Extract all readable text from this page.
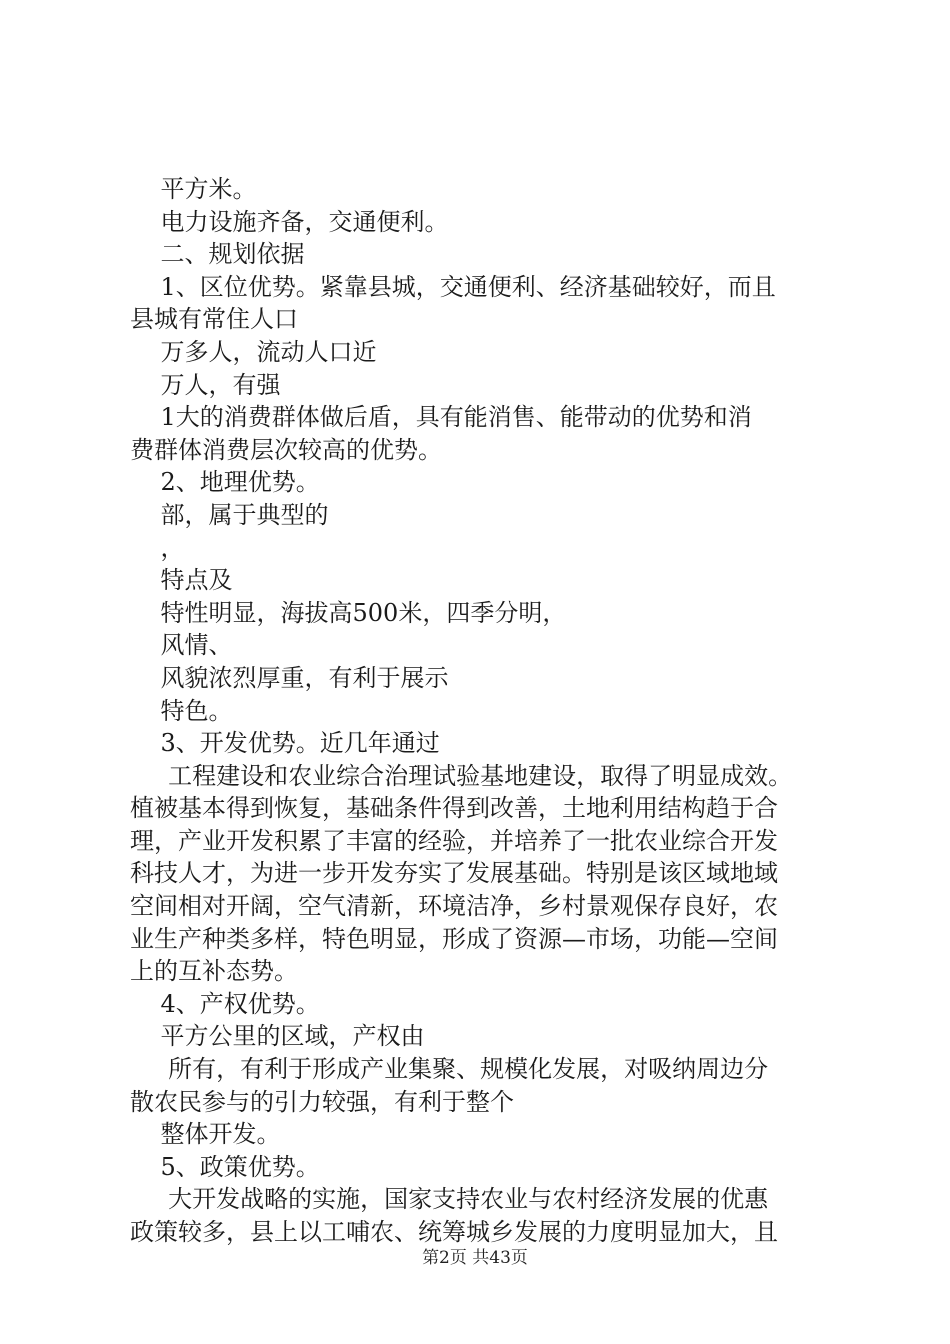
平方米。
电力设施齐备，交通便利。
二、规划依据
1、区位优势。紧靠县城，交通便利、经济基础较好，而且
县城有常住人口
万多人，流动人口近
万人，有强
1大的消费群体做后盾，具有能消售、能带动的优势和消
费群体消费层次较高的优势。
2、地理优势。
部，属于典型的
，
特点及
特性明显，海拔高500米，四季分明，
风情、
风貌浓烈厚重，有利于展示
特色。
3、开发优势。近几年通过
工程建设和农业综合治理试验基地建设，取得了明显成效。
植被基本得到恢复，基础条件得到改善，土地利用结构趋于合
理，产业开发积累了丰富的经验，并培养了一批农业综合开发
科技人才，为进一步开发夯实了发展基础。特别是该区域地域
空间相对开阔，空气清新，环境洁净，乡村景观保存良好，农
业生产种类多样，特色明显，形成了资源—市场，功能—空间
上的互补态势。
4、产权优势。
平方公里的区域，产权由
所有，有利于形成产业集聚、规模化发展，对吸纳周边分
散农民参与的引力较强，有利于整个
整体开发。
5、政策优势。
大开发战略的实施，国家支持农业与农村经济发展的优惠
政策较多，县上以工哺农、统筹城乡发展的力度明显加大，且
第2页 共43页
